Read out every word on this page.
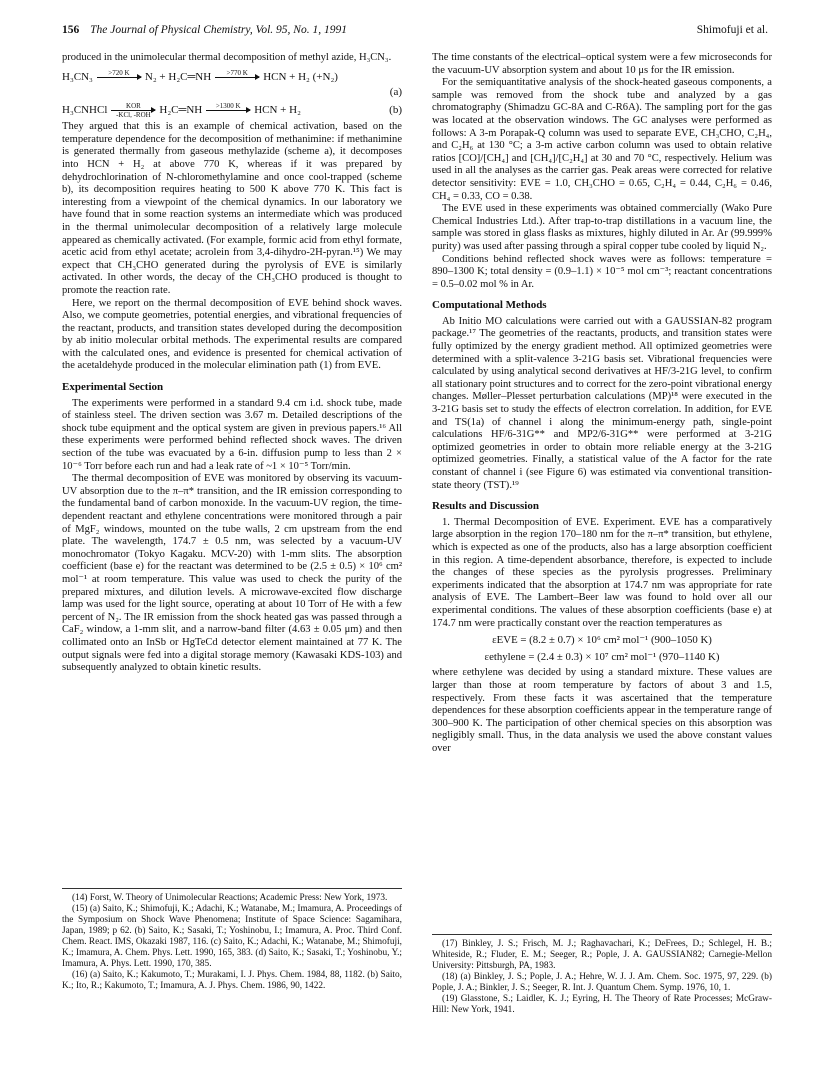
156 The Journal of Physical Chemistry, Vol. 95, No. 1, 1991	Shimofuji et al.

produced in the unimolecular thermal decomposition of methyl azide, H₃CN₃.

H₃CN₃ >720 K N₂ + H₂C═NH >770 K HCN + H₂ (+N₂)
(a)
H₃CNHCl	KOR
-KCl, -ROH H₂C═NH >1300 K HCN + H₂	(b)

They argued that this is an example of chemical activation, based on the temperature dependence for the decomposition of methanimine: if methanimine is generated thermally from gaseous methylazide (scheme a), it decomposes into HCN + H₂ at above 770 K, whereas if it was prepared by dehydrochlorination of N-chloromethylamine and once cool-trapped (scheme b), its decomposition requires heating to 500 K above 770 K. This fact is interesting from a viewpoint of the chemical dynamics. In our laboratory we have found that in some reaction systems an intermediate which was produced in the thermal unimolecular decomposition of a relatively large molecule appeared as chemically activated. (For example, formic acid from ethyl formate, acetic acid from ethyl acetate; acrolein from 3,4-dihydro-2H-pyran.¹⁵) We may expect that CH₃CHO generated during the pyrolysis of EVE is similarly activated. In other words, the decay of the CH₃CHO produced is thought to promote the reaction rate.

Here, we report on the thermal decomposition of EVE behind shock waves. Also, we compute geometries, potential energies, and vibrational frequencies of the reactant, products, and transition states developed during the decomposition by ab initio molecular orbital methods. The experimental results are compared with the calculated ones, and evidence is presented for chemical activation of the acetaldehyde produced in the molecular elimination path (1) from EVE.

Experimental Section

The experiments were performed in a standard 9.4 cm i.d. shock tube, made of stainless steel. The driven section was 3.67 m. Detailed descriptions of the shock tube equipment and the optical system are given in previous papers.¹⁶ All these experiments were performed behind reflected shock waves. The driven section of the tube was evacuated by a 6-in. diffusion pump to less than 2 × 10⁻⁶ Torr before each run and had a leak rate of ~1 × 10⁻⁵ Torr/min.

The thermal decomposition of EVE was monitored by observing its vacuum-UV absorption due to the π–π* transition, and the IR emission corresponding to the fundamental band of carbon monoxide. In the vacuum-UV region, the time-dependent reactant and ethylene concentrations were monitored through a pair of MgF₂ windows, mounted on the tube walls, 2 cm upstream from the end plate. The wavelength, 174.7 ± 0.5 nm, was selected by a vacuum-UV monochromator (Tokyo Kagaku. MCV-20) with 1-mm slits. The absorption coefficient (base e) for the reactant was determined to be (2.5 ± 0.5) × 10⁶ cm² mol⁻¹ at room temperature. This value was used to check the purity of the prepared mixtures, and dilution levels. A microwave-excited flow discharge lamp was used for the light source, operating at about 10 Torr of He with a few percent of N₂. The IR emission from the shock heated gas was passed through a CaF₂ window, a 1-mm slit, and a narrow-band filter (4.63 ± 0.05 μm) and then collimated onto an InSb or HgTeCd detector element maintained at 77 K. The output signals were fed into a digital storage memory (Kawasaki KDS-103) and subsequently analyzed to obtain kinetic results.

(14) Forst, W. Theory of Unimolecular Reactions; Academic Press: New York, 1973.

(15) (a) Saito, K.; Shimofuji, K.; Adachi, K.; Watanabe, M.; Imamura, A. Proceedings of the Symposium on Shock Wave Phenomena; Institute of Space Science: Sagamihara, Japan, 1989; p 62. (b) Saito, K.; Sasaki, T.; Yoshinobu, I.; Imamura, A. Proc. Third Conf. Chem. React. IMS, Okazaki 1987, 116. (c) Saito, K.; Adachi, K.; Watanabe, M.; Shimofuji, K.; Imamura, A. Chem. Phys. Lett. 1990, 165, 383. (d) Saito, K.; Sasaki, T.; Yoshinobu, Y.; Imamura, A. Phys. Lett. 1990, 170, 385.

(16) (a) Saito, K.; Kakumoto, T.; Murakami, I. J. Phys. Chem. 1984, 88, 1182. (b) Saito, K.; Ito, R.; Kakumoto, T.; Imamura, A. J. Phys. Chem. 1986, 90, 1422.

The time constants of the electrical–optical system were a few microseconds for the vacuum-UV absorption system and about 10 μs for the IR emission.

For the semiquantitative analysis of the shock-heated gaseous components, a sample was removed from the shock tube and analyzed by a gas chromatography (Shimadzu GC-8A and C-R6A). The sampling port for the gas was located at the observation windows. The GC analyses were performed as follows: A 3-m Porapak-Q column was used to separate EVE, CH₃CHO, C₂H₄, and C₂H₆ at 130 °C; a 3-m active carbon column was used to obtain relative ratios [CO]/[CH₄] and [CH₄]/[C₂H₄] at 30 and 70 °C, respectively. Helium was used in all the analyses as the carrier gas. Peak areas were corrected for relative detector sensitivity: EVE = 1.0, CH₃CHO = 0.65, C₂H₄ = 0.44, C₂H₆ = 0.46, CH₄ = 0.33, CO = 0.38.

The EVE used in these experiments was obtained commercially (Wako Pure Chemical Industries Ltd.). After trap-to-trap distillations in a vacuum line, the sample was stored in glass flasks as mixtures, highly diluted in Ar. Ar (99.999% purity) was used after passing through a spiral copper tube cooled by liquid N₂.

Conditions behind reflected shock waves were as follows: temperature = 890–1300 K; total density = (0.9–1.1) × 10⁻⁵ mol cm⁻³; reactant concentrations = 0.5–0.02 mol % in Ar.

Computational Methods

Ab Initio MO calculations were carried out with a GAUSSIAN-82 program package.¹⁷ The geometries of the reactants, products, and transition states were fully optimized by the energy gradient method. All optimized geometries were determined with a split-valence 3-21G basis set. Vibrational frequencies were calculated by using analytical second derivatives at HF/3-21G level, to confirm all stationary point structures and to correct for the zero-point vibrational energy changes. Møller–Plesset perturbation calculations (MP)¹⁸ were executed in the 3-21G basis set to study the effects of electron correlation. In addition, for EVE and TS(1a) of channel i along the minimum-energy path, single-point calculations HF/6-31G** and MP2/6-31G** were performed at 3-21G optimized geometries in order to obtain more reliable energy at the 3-21G optimized geometries. Finally, a statistical value of the A factor for the rate constant of channel i (see Figure 6) was estimated via conventional transition-state theory (TST).¹⁹

Results and Discussion

1. Thermal Decomposition of EVE. Experiment. EVE has a comparatively large absorption in the region 170–180 nm for the π–π* transition, but ethylene, which is expected as one of the products, also has a large absorption coefficient in this region. A time-dependent absorbance, therefore, is expected to include the changes of these species as the pyrolysis progresses. Preliminary experiments indicated that the absorption at 174.7 nm was appropriate for rate analysis of EVE. The Lambert–Beer law was found to hold over all our experimental conditions. The values of these absorption coefficients (base e) at 174.7 nm were practically constant over the reaction temperatures as

εEVE = (8.2 ± 0.7) × 10⁶ cm² mol⁻¹ (900–1050 K)
εethylene = (2.4 ± 0.3) × 10⁷ cm² mol⁻¹ (970–1140 K)

where εethylene was decided by using a standard mixture. These values are larger than those at room temperature by factors of about 3 and 1.5, respectively. From these facts it was ascertained that the temperature dependences for these absorption coefficients appear in the temperature range of 300–900 K. The participation of other chemical species on this absorption was negligibly small. Thus, in the data analysis we used the above constant values over

(17) Binkley, J. S.; Frisch, M. J.; Raghavachari, K.; DeFrees, D.; Schlegel, H. B.; Whiteside, R.; Fluder, E. M.; Seeger, R.; Pople, J. A. GAUSSIAN82; Carnegie-Mellon University: Pittsburgh, PA, 1983.

(18) (a) Binkley, J. S.; Pople, J. A.; Hehre, W. J. J. Am. Chem. Soc. 1975, 97, 229. (b) Pople, J. A.; Binkler, J. S.; Seeger, R. Int. J. Quantum Chem. Symp. 1976, 10, 1.

(19) Glasstone, S.; Laidler, K. J.; Eyring, H. The Theory of Rate Processes; McGraw-Hill: New York, 1941.
